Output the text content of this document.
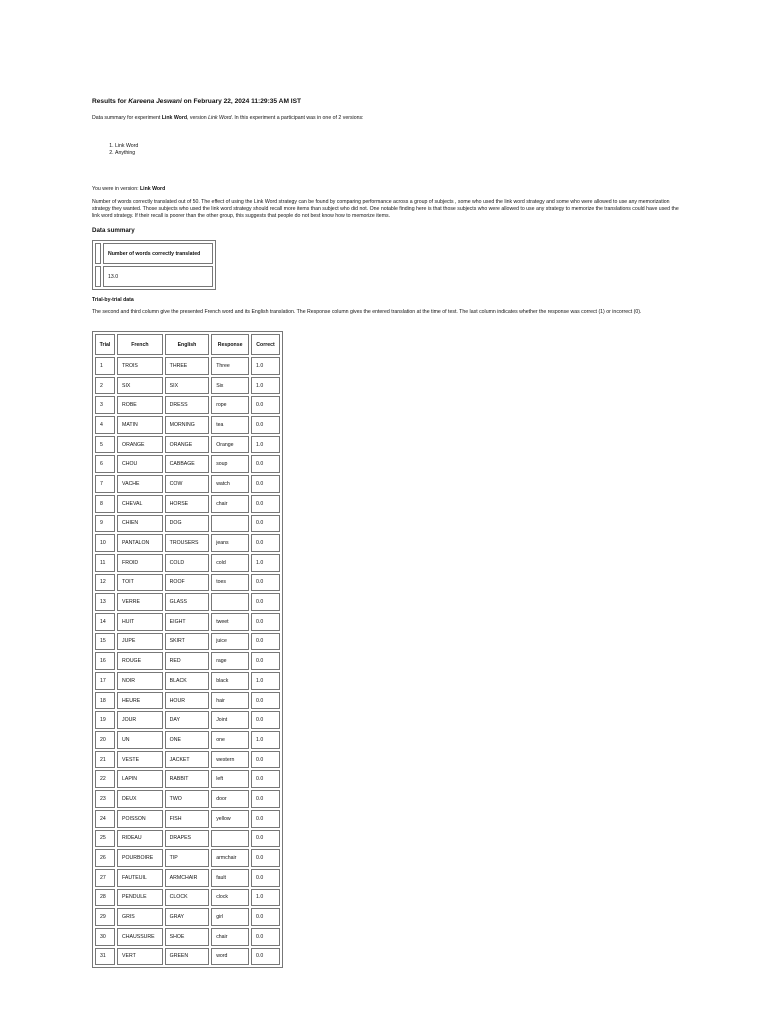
Results for Kareena Jeswani on February 22, 2024 11:29:35 AM IST

Data summary for experiment Link Word, version Link Word. In this experiment a participant was in one of 2 versions:

1. Link Word
2. Anything

You were in version: Link Word

Number of words correctly translated out of 50. The effect of using the Link Word strategy can be found by comparing performance across a group of subjects , some who used the link word strategy and some who were allowed to use any memorization strategy they wanted. Those subjects who used the link word strategy should recall more items than subject who did not. One notable finding here is that those subjects who were allowed to use any strategy to memorize the translations could have used the link word strategy. If their recall is poorer than the other group, this suggests that people do not best know how to memorize items.

Data summary
	Number of words correctly translated
	13.0
Trial-by-trial data

The second and third column give the presented French word and its English translation. The Response column gives the entered translation at the time of test. The last column indicates whether the response was correct (1) or incorrect (0).

Trial	French	English	Response	Correct
1	TROIS	THREE	Three	1.0
2	SIX	SIX	Six	1.0
3	ROBE	DRESS	rope	0.0
4	MATIN	MORNING	tea	0.0
5	ORANGE	ORANGE	Orange	1.0
6	CHOU	CABBAGE	soup	0.0
7	VACHE	COW	watch	0.0
8	CHEVAL	HORSE	chair	0.0
9	CHIEN	DOG		0.0
10	PANTALON	TROUSERS	jeans	0.0
11	FROID	COLD	cold	1.0
12	TOIT	ROOF	toes	0.0
13	VERRE	GLASS		0.0
14	HUIT	EIGHT	tweet	0.0
15	JUPE	SKIRT	juice	0.0
16	ROUGE	RED	rage	0.0
17	NOIR	BLACK	black	1.0
18	HEURE	HOUR	hair	0.0
19	JOUR	DAY	Joint	0.0
20	UN	ONE	one	1.0
21	VESTE	JACKET	western	0.0
22	LAPIN	RABBIT	left	0.0
23	DEUX	TWO	door	0.0
24	POISSON	FISH	yellow	0.0
25	RIDEAU	DRAPES		0.0
26	POURBOIRE	TIP	armchair	0.0
27	FAUTEUIL	ARMCHAIR	fault	0.0
28	PENDULE	CLOCK	clock	1.0
29	GRIS	GRAY	girl	0.0
30	CHAUSSURE	SHOE	chair	0.0
31	VERT	GREEN	word	0.0
